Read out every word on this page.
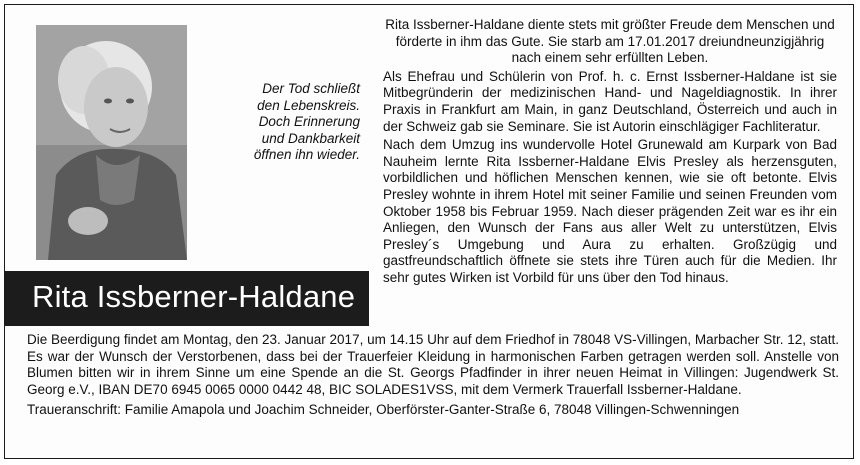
Der Tod schließt
den Lebenskreis.
Doch Erinnerung
und Dankbarkeit
öffnen ihn wieder.
Rita Issberner-Haldane

Rita Issberner-Haldane diente stets mit größter Freude dem Menschen und förderte in ihm das Gute. Sie starb am 17.01.2017 dreiundneunzigjährig nach einem sehr erfüllten Leben.

Als Ehefrau und Schülerin von Prof. h. c. Ernst Issberner-Haldane ist sie Mitbegründerin der medizinischen Hand- und Nageldiagnostik. In ihrer Praxis in Frankfurt am Main, in ganz Deutschland, Österreich und auch in der Schweiz gab sie Seminare. Sie ist Autorin einschlägiger Fachliteratur.

Nach dem Umzug ins wundervolle Hotel Grunewald am Kurpark von Bad Nauheim lernte Rita Issberner-Haldane Elvis Presley als herzensguten, vorbildlichen und höflichen Menschen kennen, wie sie oft betonte. Elvis Presley wohnte in ihrem Hotel mit seiner Familie und seinen Freunden vom Oktober 1958 bis Februar 1959. Nach dieser prägenden Zeit war es ihr ein Anliegen, den Wunsch der Fans aus aller Welt zu unterstützen, Elvis Presley´s Umgebung und Aura zu erhalten. Großzügig und gastfreundschaftlich öffnete sie stets ihre Türen auch für die Medien. Ihr sehr gutes Wirken ist Vorbild für uns über den Tod hinaus.

Die Beerdigung findet am Montag, den 23. Januar 2017, um 14.15 Uhr auf dem Friedhof in 78048 VS-Villingen, Marbacher Str. 12, statt. Es war der Wunsch der Verstorbenen, dass bei der Trauerfeier Kleidung in harmonischen Farben getragen werden soll. Anstelle von Blumen bitten wir in ihrem Sinne um eine Spende an die St. Georgs Pfadfinder in ihrer neuen Heimat in Villingen: Jugendwerk St. Georg e.V., IBAN DE70 6945 0065 0000 0442 48, BIC SOLADES1VSS, mit dem Vermerk Trauerfall Issberner-Haldane.

Traueranschrift: Familie Amapola und Joachim Schneider, Oberförster-Ganter-Straße 6, 78048 Villingen-Schwenningen
